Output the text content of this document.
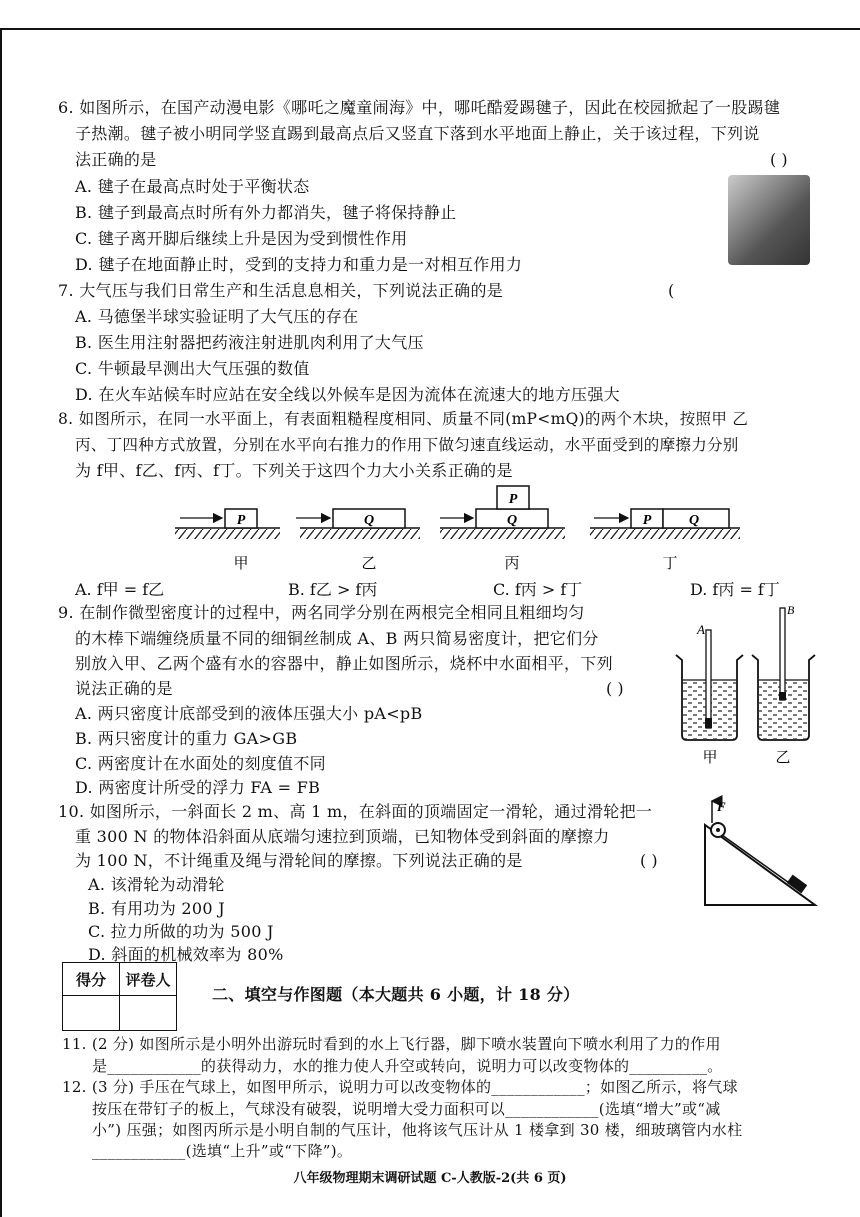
6. 如图所示，在国产动漫电影《哪吒之魔童闹海》中，哪吒酷爱踢毽子，因此在校园掀起了一股踢毽
子热潮。毽子被小明同学竖直踢到最高点后又竖直下落到水平地面上静止，关于该过程，下列说
法正确的是	( )
A. 毽子在最高点时处于平衡状态
B. 毽子到最高点时所有外力都消失，毽子将保持静止
C. 毽子离开脚后继续上升是因为受到惯性作用
D. 毽子在地面静止时，受到的支持力和重力是一对相互作用力
7. 大气压与我们日常生产和生活息息相关，下列说法正确的是	(
A. 马德堡半球实验证明了大气压的存在
B. 医生用注射器把药液注射进肌肉利用了大气压
C. 牛顿最早测出大气压强的数值
D. 在火车站候车时应站在安全线以外候车是因为流体在流速大的地方压强大
8. 如图所示，在同一水平面上，有表面粗糙程度相同、质量不同(mP<mQ)的两个木块，按照甲 乙
丙、丁四种方式放置，分别在水平向右推力的作用下做匀速直线运动，水平面受到的摩擦力分别
为 f甲、f乙、f丙、f丁。下列关于这四个力大小关系正确的是
P
甲
Q
乙
P
Q
丙
P	Q
丁
A. f甲 = f乙	B. f乙 > f丙	C. f丙 > f丁	D. f丙 = f丁
9. 在制作微型密度计的过程中，两名同学分别在两根完全相同且粗细均匀
的木棒下端缠绕质量不同的细铜丝制成 A、B 两只简易密度计，把它们分
别放入甲、乙两个盛有水的容器中，静止如图所示，烧杯中水面相平，下列
说法正确的是	( )
A. 两只密度计底部受到的液体压强大小 pA<pB
B. 两只密度计的重力 GA>GB
C. 两密度计在水面处的刻度值不同
D. 两密度计所受的浮力 FA = FB
A
甲
B
乙
10. 如图所示，一斜面长 2 m、高 1 m，在斜面的顶端固定一滑轮，通过滑轮把一
重 300 N 的物体沿斜面从底端匀速拉到顶端，已知物体受到斜面的摩擦力
为 100 N，不计绳重及绳与滑轮间的摩擦。下列说法正确的是	( )
A. 该滑轮为动滑轮
B. 有用功为 200 J
C. 拉力所做的功为 500 J
D. 斜面的机械效率为 80%
F
得分	评卷人

二、填空与作图题（本大题共 6 小题，计 18 分）
11. (2 分) 如图所示是小明外出游玩时看到的水上飞行器，脚下喷水装置向下喷水利用了力的作用
是____________的获得动力，水的推力使人升空或转向，说明力可以改变物体的__________。
12. (3 分) 手压在气球上，如图甲所示，说明力可以改变物体的____________；如图乙所示，将气球
按压在带钉子的板上，气球没有破裂，说明增大受力面积可以____________(选填“增大”或“减
小”) 压强；如图丙所示是小明自制的气压计，他将该气压计从 1 楼拿到 30 楼，细玻璃管内水柱
____________(选填“上升”或“下降”)。
八年级物理期末调研试题 C-人教版-2(共 6 页)
